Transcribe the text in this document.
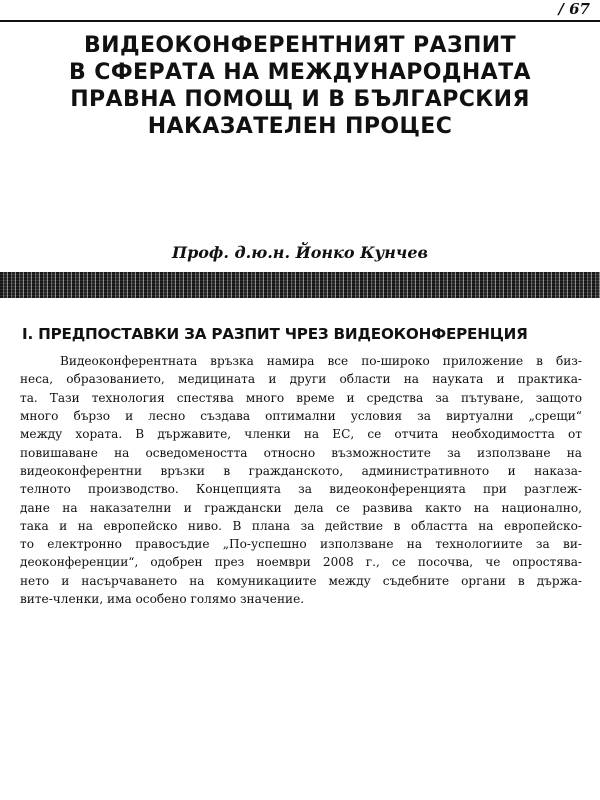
/ 67
ВИДЕОКОНФЕРЕНТНИЯТ РАЗПИТ
В СФЕРАТА НА МЕЖДУНАРОДНАТА
ПРАВНА ПОМОЩ И В БЪЛГАРСКИЯ
НАКАЗАТЕЛЕН ПРОЦЕС
Проф. д.ю.н. Йонко Кунчев
I. ПРЕДПОСТАВКИ ЗА РАЗПИТ ЧРЕЗ ВИДЕОКОНФЕРЕНЦИЯ
Видеоконферентната връзка намира все по-широко приложение в биз-
неса, образованието, медицината и други области на науката и практика-
та. Тази технология спестява много време и средства за пътуване, защото
много бързо и лесно създава оптимални условия за виртуални „срещи“
между хората. В държавите, членки на ЕС, се отчита необходимостта от
повишаване на осведомеността относно възможностите за използване на
видеоконферентни връзки в гражданското, административното и наказа-
телното производство. Концепцията за видеоконференцията при разглеж-
дане на наказателни и граждански дела се развива както на национално,
така и на европейско ниво. В плана за действие в областта на европейско-
то електронно правосъдие „По-успешно използване на технологиите за ви-
деоконференции“, одобрен през ноември 2008 г., се посочва, че опростява-
нето и насърчаването на комуникациите между съдебните органи в държа-
вите-членки, има особено голямо значение.
